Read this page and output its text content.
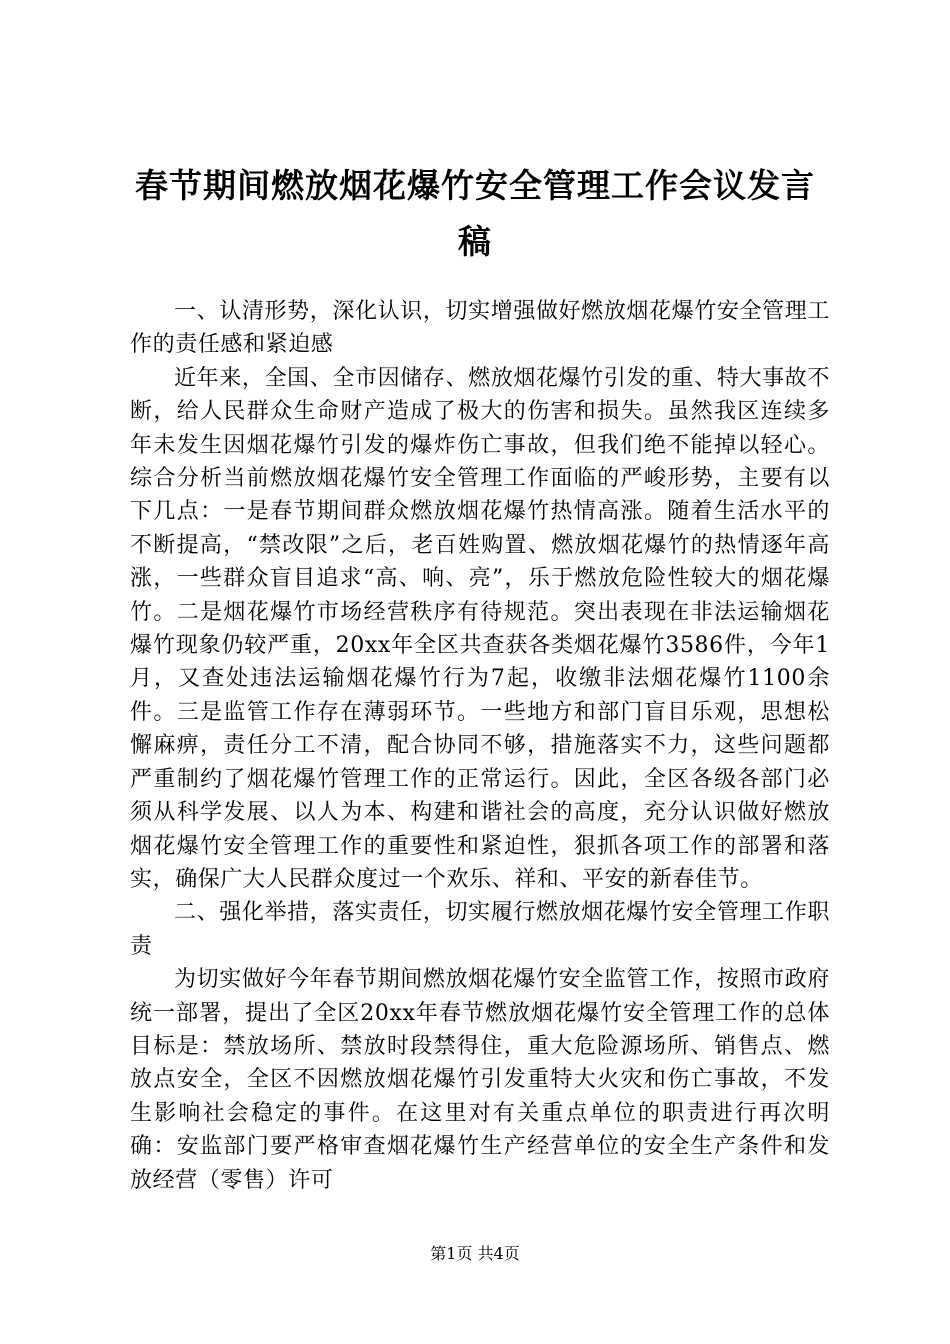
春节期间燃放烟花爆竹安全管理工作会议发言稿

一、认清形势，深化认识，切实增强做好燃放烟花爆竹安全管理工作的责任感和紧迫感

近年来，全国、全市因储存、燃放烟花爆竹引发的重、特大事故不断，给人民群众生命财产造成了极大的伤害和损失。虽然我区连续多年未发生因烟花爆竹引发的爆炸伤亡事故，但我们绝不能掉以轻心。综合分析当前燃放烟花爆竹安全管理工作面临的严峻形势，主要有以下几点：一是春节期间群众燃放烟花爆竹热情高涨。随着生活水平的不断提高，“禁改限”之后，老百姓购置、燃放烟花爆竹的热情逐年高涨，一些群众盲目追求“高、响、亮”，乐于燃放危险性较大的烟花爆竹。二是烟花爆竹市场经营秩序有待规范。突出表现在非法运输烟花爆竹现象仍较严重，20xx年全区共查获各类烟花爆竹3586件，今年1月，又查处违法运输烟花爆竹行为7起，收缴非法烟花爆竹1100余件。三是监管工作存在薄弱环节。一些地方和部门盲目乐观，思想松懈麻痹，责任分工不清，配合协同不够，措施落实不力，这些问题都严重制约了烟花爆竹管理工作的正常运行。因此，全区各级各部门必须从科学发展、以人为本、构建和谐社会的高度，充分认识做好燃放烟花爆竹安全管理工作的重要性和紧迫性，狠抓各项工作的部署和落实，确保广大人民群众度过一个欢乐、祥和、平安的新春佳节。

二、强化举措，落实责任，切实履行燃放烟花爆竹安全管理工作职责

为切实做好今年春节期间燃放烟花爆竹安全监管工作，按照市政府统一部署，提出了全区20xx年春节燃放烟花爆竹安全管理工作的总体目标是：禁放场所、禁放时段禁得住，重大危险源场所、销售点、燃放点安全，全区不因燃放烟花爆竹引发重特大火灾和伤亡事故，不发生影响社会稳定的事件。在这里对有关重点单位的职责进行再次明确：安监部门要严格审查烟花爆竹生产经营单位的安全生产条件和发放经营（零售）许可

第1页 共4页
